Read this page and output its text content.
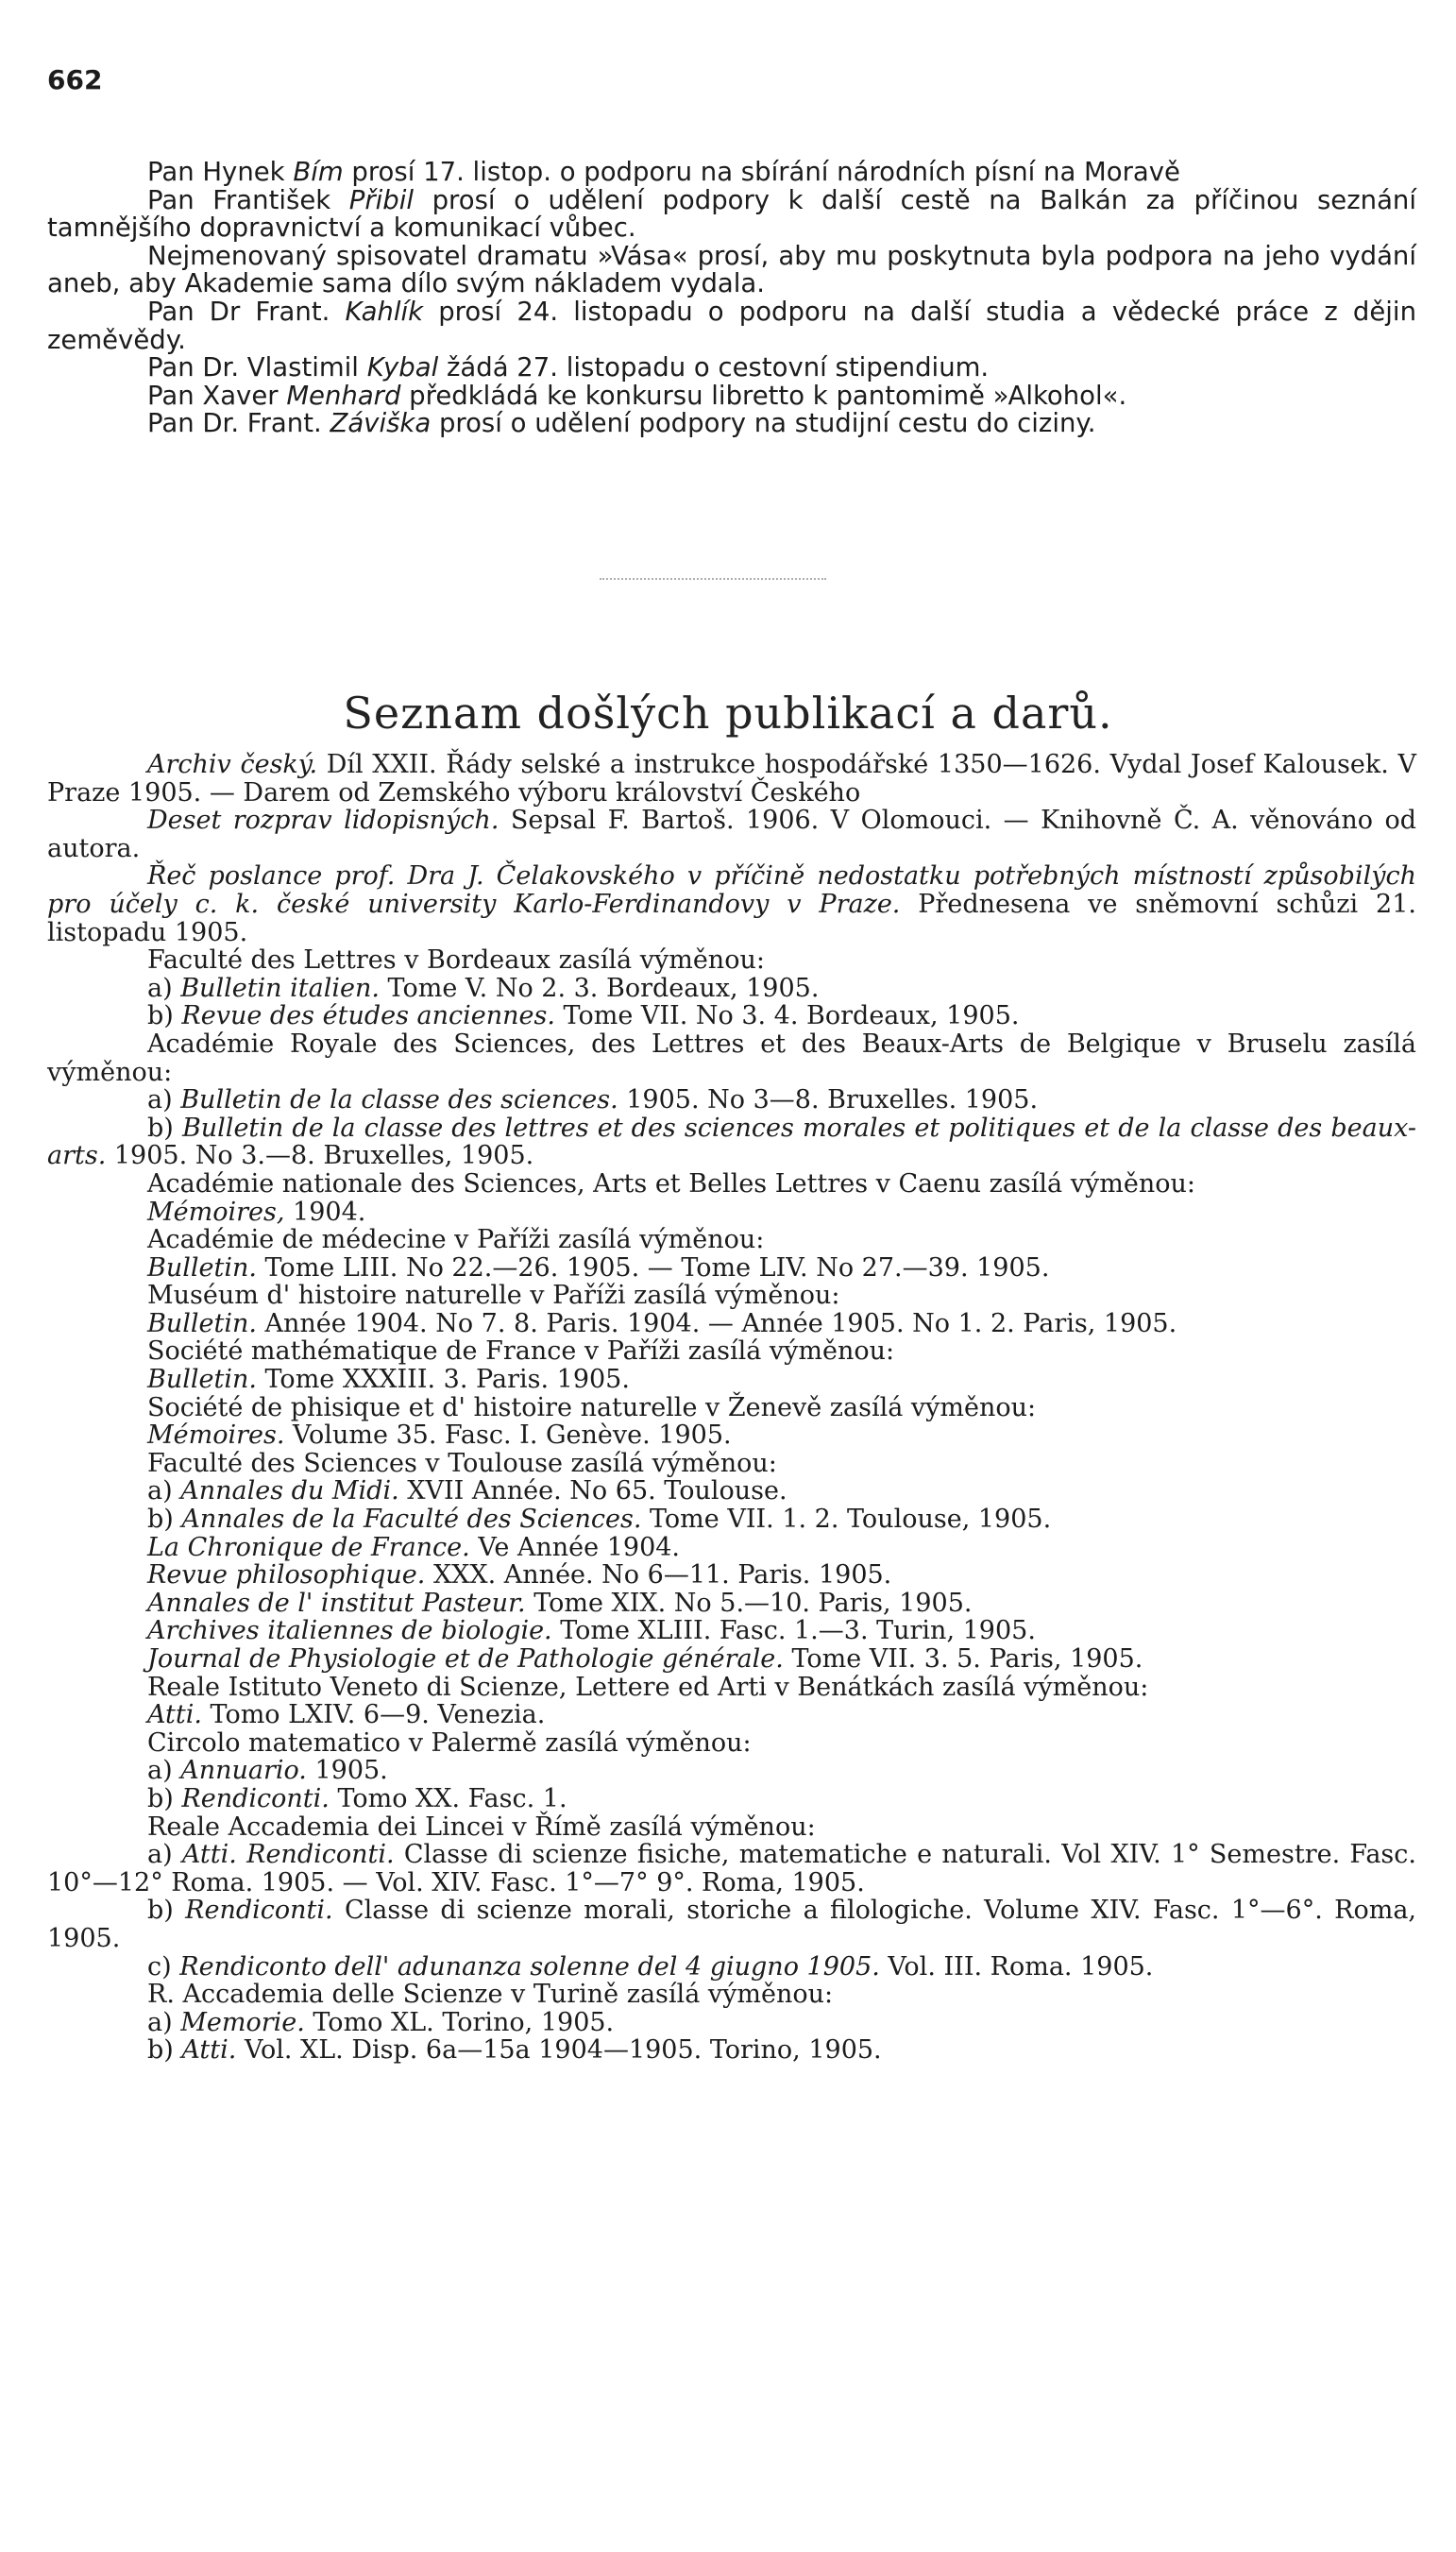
662

Pan Hynek Bím prosí 17. listop. o podporu na sbírání národních písní na Moravě

Pan František Přibil prosí o udělení podpory k další cestě na Balkán za příčinou seznání tamnějšího dopravnictví a komunikací vůbec.

Nejmenovaný spisovatel dramatu »Vása« prosí, aby mu poskytnuta byla podpora na jeho vydání aneb, aby Akademie sama dílo svým nákladem vydala.

Pan Dr Frant. Kahlík prosí 24. listopadu o podporu na další studia a vědecké práce z dějin zeměvědy.

Pan Dr. Vlastimil Kybal žádá 27. listopadu o cestovní stipendium.

Pan Xaver Menhard předkládá ke konkursu libretto k pantomimě »Alkohol«.

Pan Dr. Frant. Záviška prosí o udělení podpory na studijní cestu do ciziny.

Seznam došlých publikací a darů.

Archiv český. Díl XXII. Řády selské a instrukce hospodářské 1350—1626. Vydal Josef Kalousek. V Praze 1905. — Darem od Zemského výboru království Českého

Deset rozprav lidopisných. Sepsal F. Bartoš. 1906. V Olomouci. — Knihovně Č. A. věnováno od autora.

Řeč poslance prof. Dra J. Čelakovského v příčině nedostatku potřebných místností způsobilých pro účely c. k. české university Karlo-Ferdinandovy v Praze. Přednesena ve sněmovní schůzi 21. listopadu 1905.

Faculté des Lettres v Bordeaux zasílá výměnou:

a) Bulletin italien. Tome V. No 2. 3. Bordeaux, 1905.

b) Revue des études anciennes. Tome VII. No 3. 4. Bordeaux, 1905.

Académie Royale des Sciences, des Lettres et des Beaux-Arts de Belgique v Bruselu zasílá výměnou:

a) Bulletin de la classe des sciences. 1905. No 3—8. Bruxelles. 1905.

b) Bulletin de la classe des lettres et des sciences morales et politiques et de la classe des beaux-arts. 1905. No 3.—8. Bruxelles, 1905.

Académie nationale des Sciences, Arts et Belles Lettres v Caenu zasílá výměnou:

Mémoires, 1904.

Académie de médecine v Paříži zasílá výměnou:

Bulletin. Tome LIII. No 22.—26. 1905. — Tome LIV. No 27.—39. 1905.

Muséum d' histoire naturelle v Paříži zasílá výměnou:

Bulletin. Année 1904. No 7. 8. Paris. 1904. — Année 1905. No 1. 2. Paris, 1905.

Société mathématique de France v Paříži zasílá výměnou:

Bulletin. Tome XXXIII. 3. Paris. 1905.

Société de phisique et d' histoire naturelle v Ženevě zasílá výměnou:

Mémoires. Volume 35. Fasc. I. Genève. 1905.

Faculté des Sciences v Toulouse zasílá výměnou:

a) Annales du Midi. XVII Année. No 65. Toulouse.

b) Annales de la Faculté des Sciences. Tome VII. 1. 2. Toulouse, 1905.

La Chronique de France. Ve Année 1904.

Revue philosophique. XXX. Année. No 6—11. Paris. 1905.

Annales de l' institut Pasteur. Tome XIX. No 5.—10. Paris, 1905.

Archives italiennes de biologie. Tome XLIII. Fasc. 1.—3. Turin, 1905.

Journal de Physiologie et de Pathologie générale. Tome VII. 3. 5. Paris, 1905.

Reale Istituto Veneto di Scienze, Lettere ed Arti v Benátkách zasílá výměnou:

Atti. Tomo LXIV. 6—9. Venezia.

Circolo matematico v Palermě zasílá výměnou:

a) Annuario. 1905.

b) Rendiconti. Tomo XX. Fasc. 1.

Reale Accademia dei Lincei v Římě zasílá výměnou:

a) Atti. Rendiconti. Classe di scienze fisiche, matematiche e naturali. Vol XIV. 1° Semestre. Fasc. 10°—12° Roma. 1905. — Vol. XIV. Fasc. 1°—7° 9°. Roma, 1905.

b) Rendiconti. Classe di scienze morali, storiche a filologiche. Volume XIV. Fasc. 1°—6°. Roma, 1905.

c) Rendiconto dell' adunanza solenne del 4 giugno 1905. Vol. III. Roma. 1905.

R. Accademia delle Scienze v Turině zasílá výměnou:

a) Memorie. Tomo XL. Torino, 1905.

b) Atti. Vol. XL. Disp. 6a—15a 1904—1905. Torino, 1905.
